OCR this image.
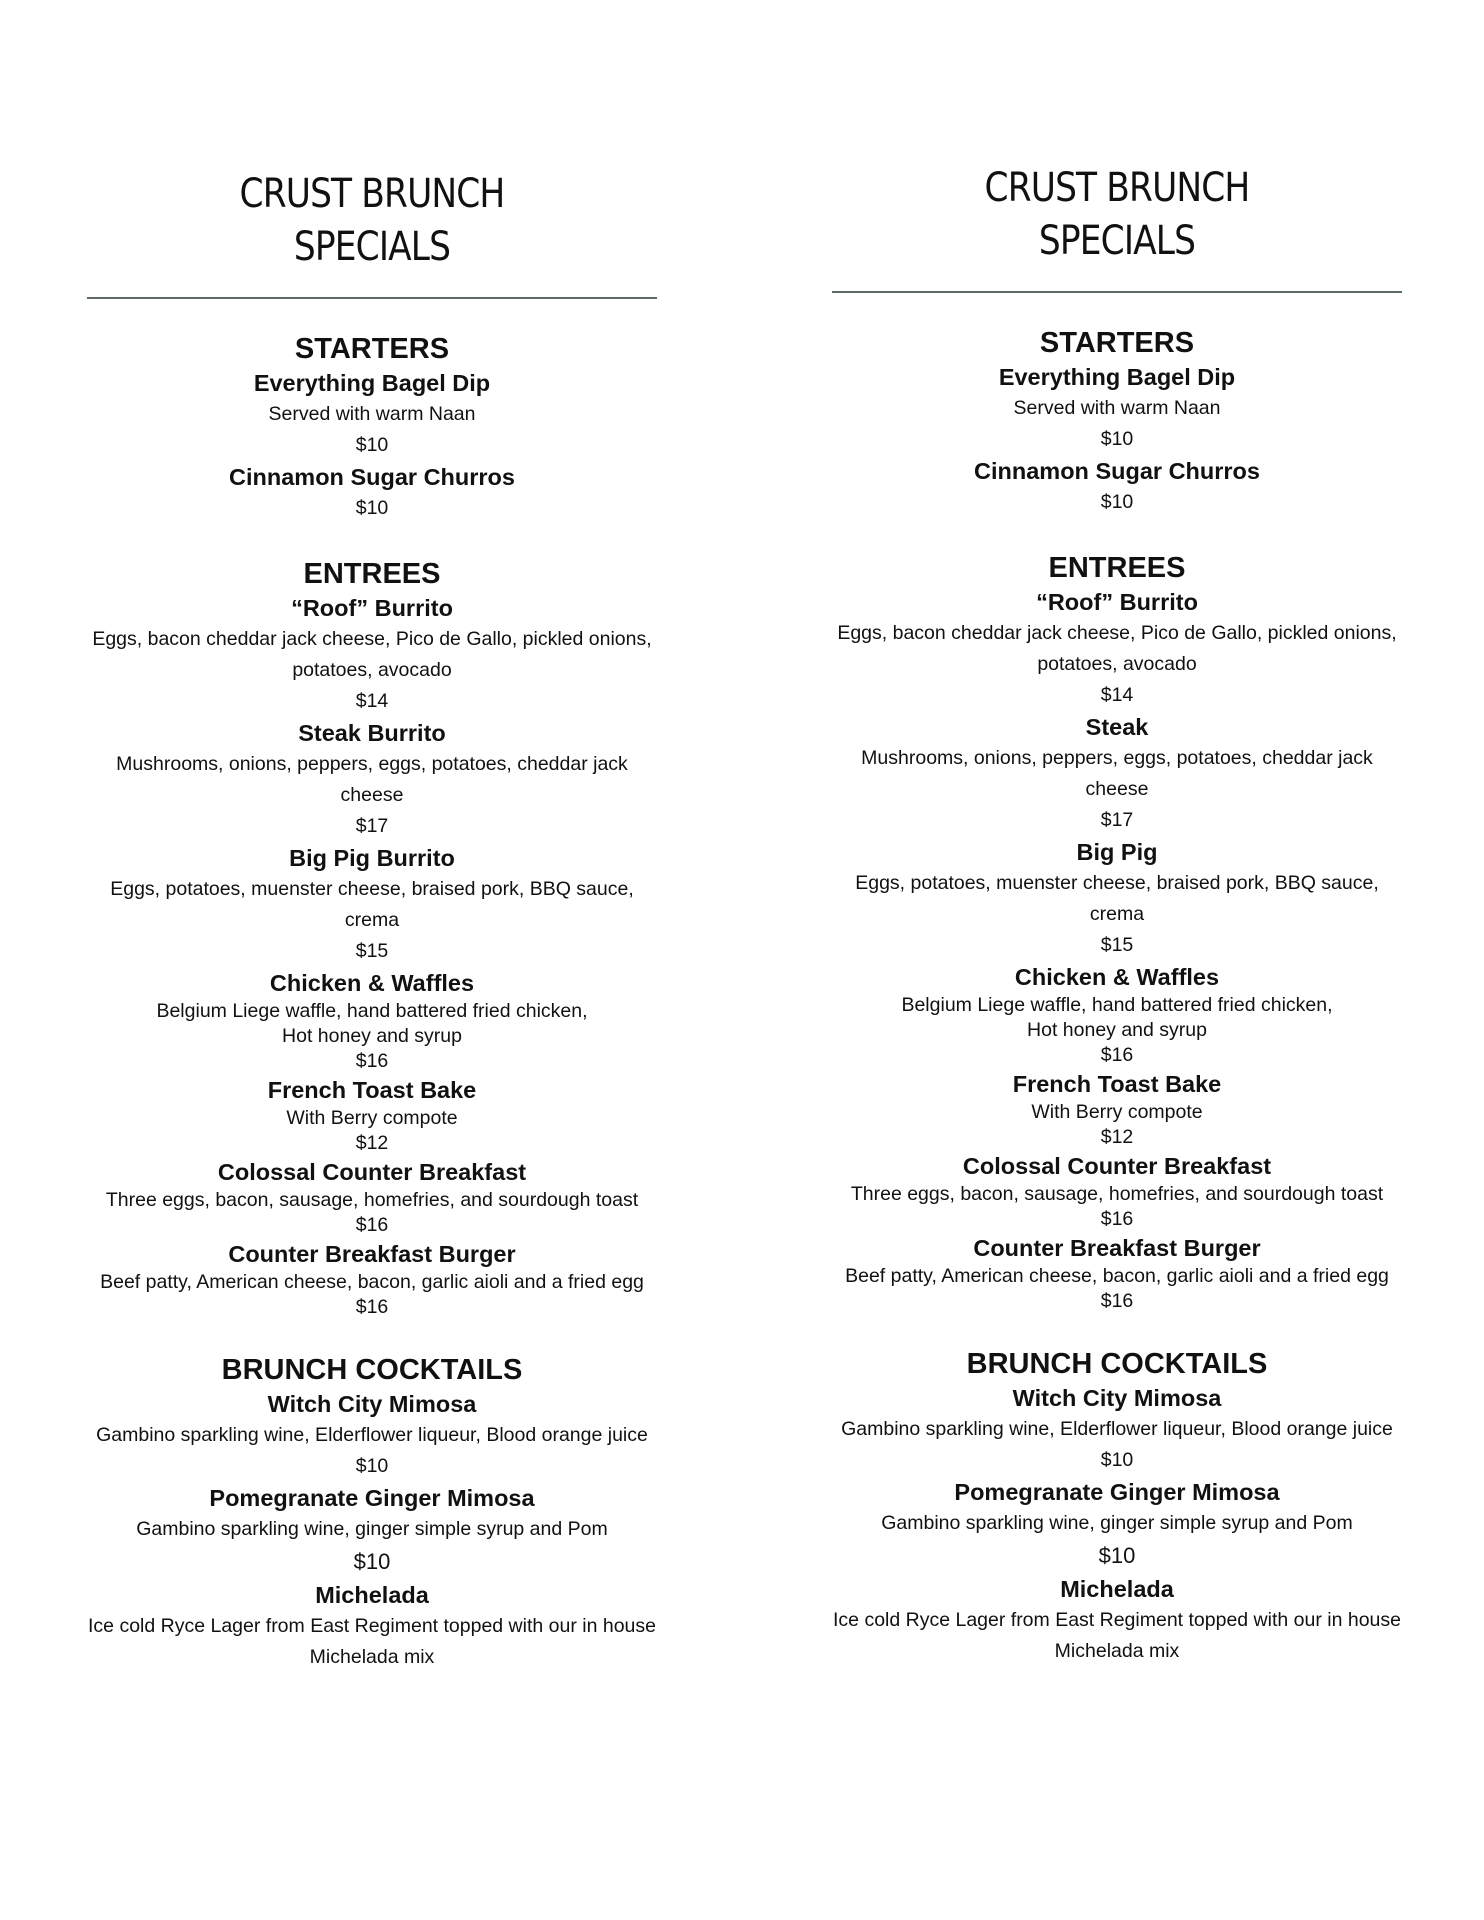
CRUST BRUNCH
SPECIALS
STARTERS

Everything Bagel Dip

Served with warm Naan

$10

Cinnamon Sugar Churros

$10

ENTREES

“Roof” Burrito

Eggs, bacon cheddar jack cheese, Pico de Gallo, pickled onions, potatoes, avocado

$14

Steak Burrito

Mushrooms, onions, peppers, eggs, potatoes, cheddar jack cheese

$17

Big Pig Burrito

Eggs, potatoes, muenster cheese, braised pork, BBQ sauce, crema

$15

Chicken & Waffles

Belgium Liege waffle, hand battered fried chicken,

Hot honey and syrup

$16

French Toast Bake

With Berry compote

$12

Colossal Counter Breakfast

Three eggs, bacon, sausage, homefries, and sourdough toast

$16

Counter Breakfast Burger

Beef patty, American cheese, bacon, garlic aioli and a fried egg

$16

BRUNCH COCKTAILS

Witch City Mimosa

Gambino sparkling wine, Elderflower liqueur, Blood orange juice

$10

Pomegranate Ginger Mimosa

Gambino sparkling wine, ginger simple syrup and Pom

$10

Michelada

Ice cold Ryce Lager from East Regiment topped with our in house Michelada mix

CRUST BRUNCH
SPECIALS
STARTERS

Everything Bagel Dip

Served with warm Naan

$10

Cinnamon Sugar Churros

$10

ENTREES

“Roof” Burrito

Eggs, bacon cheddar jack cheese, Pico de Gallo, pickled onions, potatoes, avocado

$14

Steak

Mushrooms, onions, peppers, eggs, potatoes, cheddar jack cheese

$17

Big Pig

Eggs, potatoes, muenster cheese, braised pork, BBQ sauce, crema

$15

Chicken & Waffles

Belgium Liege waffle, hand battered fried chicken,

Hot honey and syrup

$16

French Toast Bake

With Berry compote

$12

Colossal Counter Breakfast

Three eggs, bacon, sausage, homefries, and sourdough toast

$16

Counter Breakfast Burger

Beef patty, American cheese, bacon, garlic aioli and a fried egg

$16

BRUNCH COCKTAILS

Witch City Mimosa

Gambino sparkling wine, Elderflower liqueur, Blood orange juice

$10

Pomegranate Ginger Mimosa

Gambino sparkling wine, ginger simple syrup and Pom

$10

Michelada

Ice cold Ryce Lager from East Regiment topped with our in house Michelada mix
